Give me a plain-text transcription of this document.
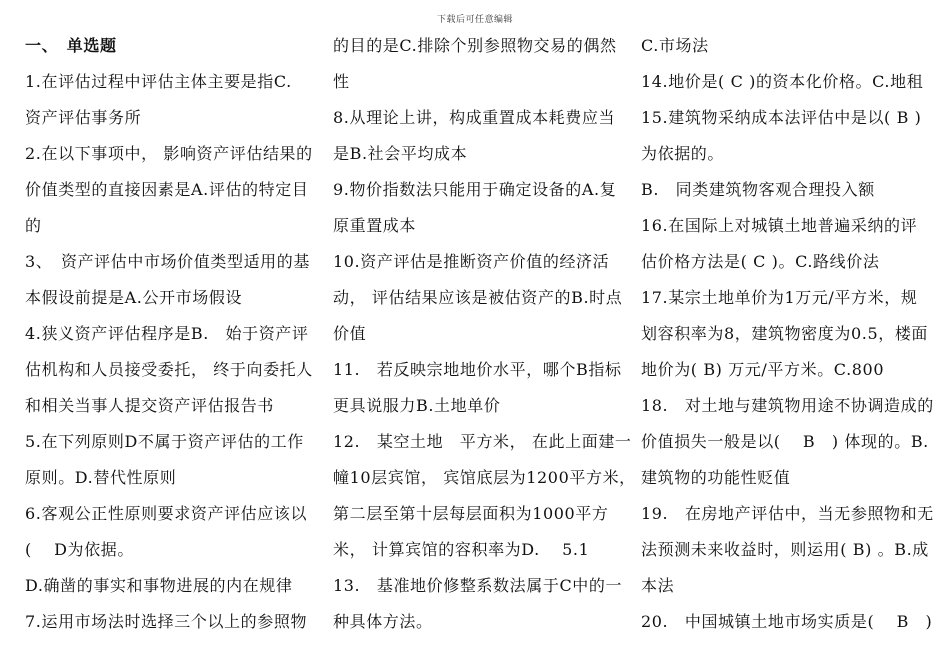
下载后可任意编辑
一、　单选题
1.在评估过程中评估主体主要是指C.
资产评估事务所
2.在以下事项中， 影响资产评估结果的
价值类型的直接因素是A.评估的特定目
的
3、　资产评估中市场价值类型适用的基
本假设前提是A.公开市场假设
4.狭义资产评估程序是B.　始于资产评
估机构和人员接受委托， 终于向委托人
和相关当事人提交资产评估报告书
5.在下列原则D不属于资产评估的工作
原则。D.替代性原则
6.客观公正性原则要求资产评估应该以
(　 D为依据。
D.确凿的事实和事物进展的内在规律
7.运用市场法时选择三个以上的参照物
的目的是C.排除个别参照物交易的偶然
性
8.从理论上讲，构成重置成本耗费应当
是B.社会平均成本
9.物价指数法只能用于确定设备的A.复
原重置成本
10.资产评估是推断资产价值的经济活
动， 评估结果应该是被估资产的B.时点
价值
11.　若反映宗地地价水平，哪个B指标
更具说服力B.土地单价
12.　某空土地　平方米， 在此上面建一
幢10层宾馆， 宾馆底层为1200平方米，
第二层至第十层每层面积为1000平方
米， 计算宾馆的容积率为D.　 5.1
13.　基准地价修整系数法属于C中的一
种具体方法。
C.市场法
14.地价是( C )的资本化价格。C.地租
15.建筑物采纳成本法评估中是以( B )
为依据的。
B.　同类建筑物客观合理投入额
16.在国际上对城镇土地普遍采纳的评
估价格方法是( C )。C.路线价法
17.某宗土地单价为1万元/平方米，规
划容积率为8，建筑物密度为0.5，楼面
地价为( B) 万元/平方米。C.800
18.　对土地与建筑物用途不协调造成的
价值损失一般是以(　 B　) 体现的。B.
建筑物的功能性贬值
19.　在房地产评估中，当无参照物和无
法预测未来收益时，则运用( B) 。B.成
本法
20.　中国城镇土地市场实质是(　 B　)
